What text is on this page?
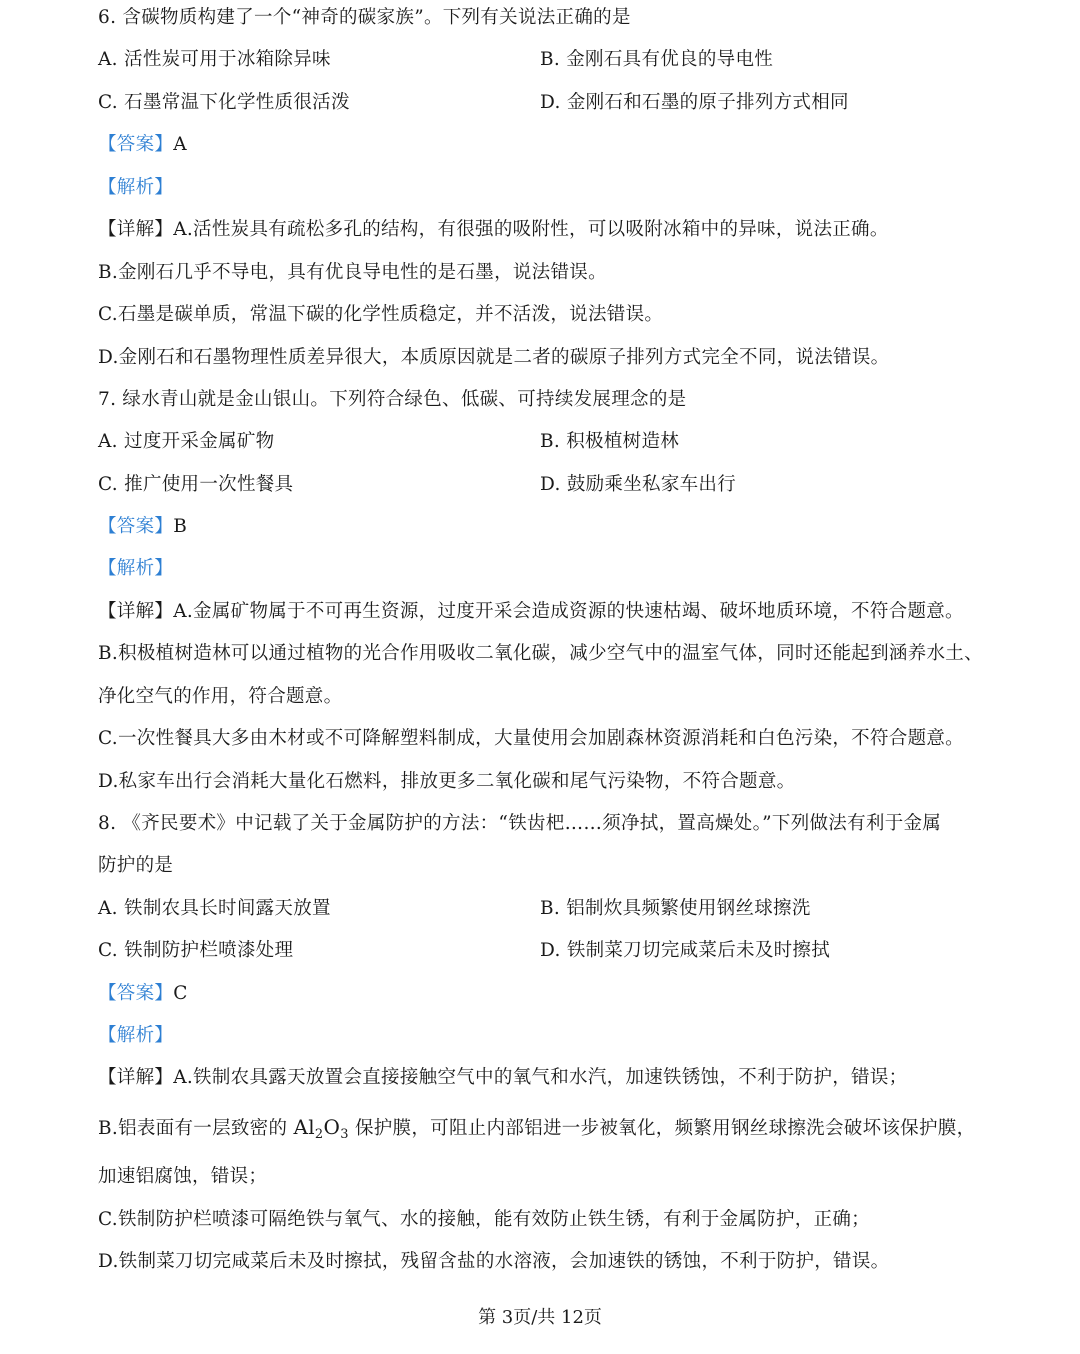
6. 含碳物质构建了一个“神奇的碳家族”。下列有关说法正确的是
A. 活性炭可用于冰箱除异味	B. 金刚石具有优良的导电性
C. 石墨常温下化学性质很活泼	D. 金刚石和石墨的原子排列方式相同
【答案】A
【解析】
【详解】A.活性炭具有疏松多孔的结构，有很强的吸附性，可以吸附冰箱中的异味，说法正确。
B.金刚石几乎不导电，具有优良导电性的是石墨，说法错误。
C.石墨是碳单质，常温下碳的化学性质稳定，并不活泼，说法错误。
D.金刚石和石墨物理性质差异很大，本质原因就是二者的碳原子排列方式完全不同，说法错误。
7. 绿水青山就是金山银山。下列符合绿色、低碳、可持续发展理念的是
A. 过度开采金属矿物	B. 积极植树造林
C. 推广使用一次性餐具	D. 鼓励乘坐私家车出行
【答案】B
【解析】
【详解】A.金属矿物属于不可再生资源，过度开采会造成资源的快速枯竭、破坏地质环境，不符合题意。
B.积极植树造林可以通过植物的光合作用吸收二氧化碳，减少空气中的温室气体，同时还能起到涵养水土、
净化空气的作用，符合题意。
C.一次性餐具大多由木材或不可降解塑料制成，大量使用会加剧森林资源消耗和白色污染，不符合题意。
D.私家车出行会消耗大量化石燃料，排放更多二氧化碳和尾气污染物，不符合题意。
8. 《齐民要术》中记载了关于金属防护的方法：“铁齿杷……须净拭，置高燥处。”下列做法有利于金属
防护的是
A. 铁制农具长时间露天放置	B. 铝制炊具频繁使用钢丝球擦洗
C. 铁制防护栏喷漆处理	D. 铁制菜刀切完咸菜后未及时擦拭
【答案】C
【解析】
【详解】A.铁制农具露天放置会直接接触空气中的氧气和水汽，加速铁锈蚀，不利于防护，错误；
B.铝表面有一层致密的 $Al_2O_3$ 保护膜，可阻止内部铝进一步被氧化，频繁用钢丝球擦洗会破坏该保护膜，
加速铝腐蚀，错误；
C.铁制防护栏喷漆可隔绝铁与氧气、水的接触，能有效防止铁生锈，有利于金属防护，正确；
D.铁制菜刀切完咸菜后未及时擦拭，残留含盐的水溶液，会加速铁的锈蚀，不利于防护，错误。
第 3页/共 12页
